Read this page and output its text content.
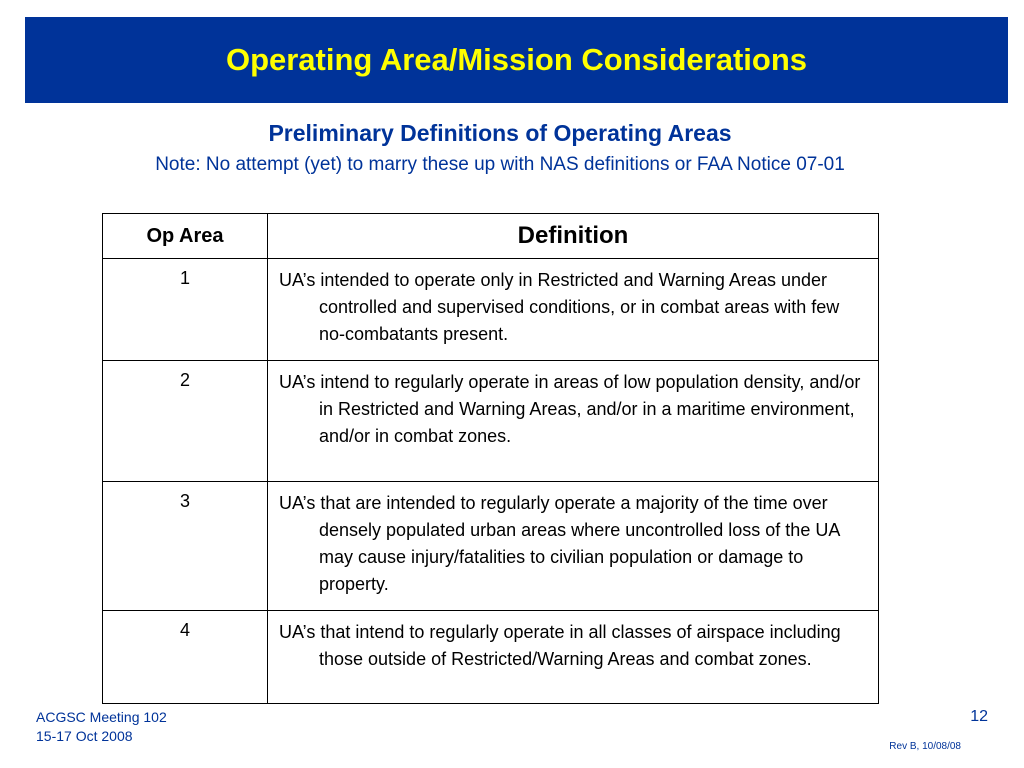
Operating Area/Mission Considerations
Preliminary Definitions of Operating Areas
Note: No attempt (yet) to marry these up with NAS definitions or FAA Notice 07-01
Op Area	Definition
1	UA’s intended to operate only in Restricted and Warning Areas under controlled and supervised conditions, or in combat areas with few no-combatants present.
2	UA’s intend to regularly operate in areas of low population density, and/or in Restricted and Warning Areas, and/or in a maritime environment, and/or in combat zones.
3	UA’s that are intended to regularly operate a majority of the time over densely populated urban areas where uncontrolled loss of the UA may cause injury/fatalities to civilian population or damage to property.
4	UA’s that intend to regularly operate in all classes of airspace including those outside of Restricted/Warning Areas and combat zones.
ACGSC Meeting 102
15-17 Oct 2008
12
Rev B, 10/08/08
